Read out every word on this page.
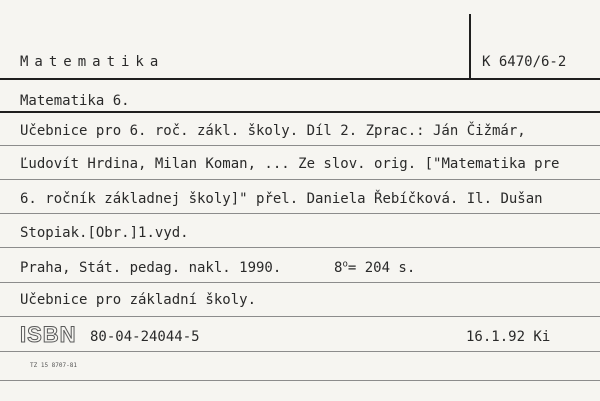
Matematika	K 6470/6-2
Matematika 6.
Učebnice pro 6. roč. zákl. školy. Díl 2. Zprac.: Ján Čižmár,
Ľudovít Hrdina, Milan Koman, ... Ze slov. orig. ["Matematika pre
6. ročník základnej školy]" přel. Daniela Řebíčková. Il. Dušan
Stopiak.[Obr.]1.vyd.
Praha, Stát. pedag. nakl. 1990.	$8^o= 204$ s.
Učebnice pro základní školy.
ISBN 80-04-24044-5	16.1.92 Ki
TZ 15 8707-81
